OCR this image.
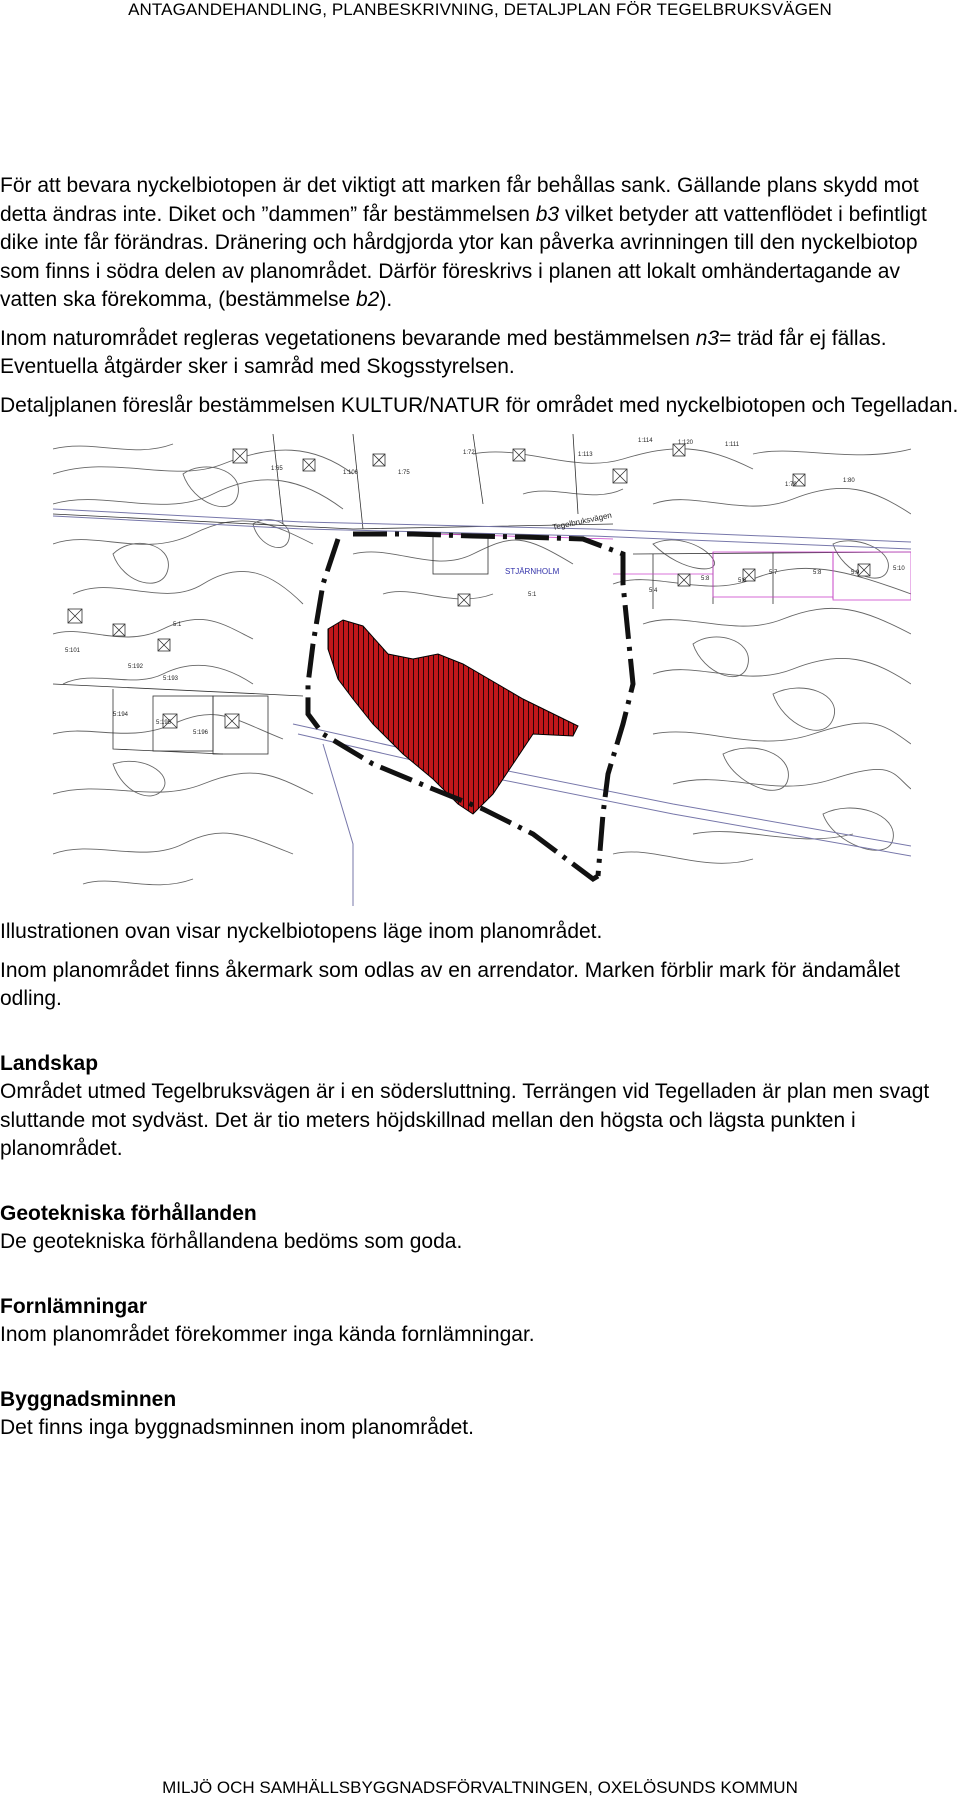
ANTAGANDEHANDLING, PLANBESKRIVNING, DETALJPLAN FÖR TEGELBRUKSVÄGEN

För att bevara nyckelbiotopen är det viktigt att marken får behållas sank. Gällande plans skydd mot detta ändras inte. Diket och ”dammen” får bestämmelsen b3 vilket betyder att vattenflödet i befintligt dike inte får förändras. Dränering och hårdgjorda ytor kan påverka avrinningen till den nyckelbiotop som finns i södra delen av planområdet. Därför föreskrivs i planen att lokalt omhändertagande av vatten ska förekomma, (bestämmelse b2).

Inom naturområdet regleras vegetationens bevarande med bestämmelsen n3= träd får ej fällas. Eventuella åtgärder sker i samråd med Skogsstyrelsen.

Detaljplanen föreslår bestämmelsen KULTUR/NATUR för området med nyckelbiotopen och Tegelladan.

Tegelbruksvägen
STJÄRNHOLM
1:65
1:106	1:75
1:72	1:113
1:114	1:120	1:111
1:79
1:80
5:1
5:1
5:4
5:8	5:6
5:7	5:8	5:9
5:10
5:101
5:192
5:193
5:194
5:195
5:196

Illustrationen ovan visar nyckelbiotopens läge inom planområdet.

Inom planområdet finns åkermark som odlas av en arrendator. Marken förblir mark för ändamålet odling.

Landskap

Området utmed Tegelbruksvägen är i en södersluttning. Terrängen vid Tegelladen är plan men svagt sluttande mot sydväst. Det är tio meters höjdskillnad mellan den högsta och lägsta punkten i planområdet.

Geotekniska förhållanden

De geotekniska förhållandena bedöms som goda.

Fornlämningar

Inom planområdet förekommer inga kända fornlämningar.

Byggnadsminnen

Det finns inga byggnadsminnen inom planområdet.

MILJÖ OCH SAMHÄLLSBYGGNADSFÖRVALTNINGEN, OXELÖSUNDS KOMMUN
